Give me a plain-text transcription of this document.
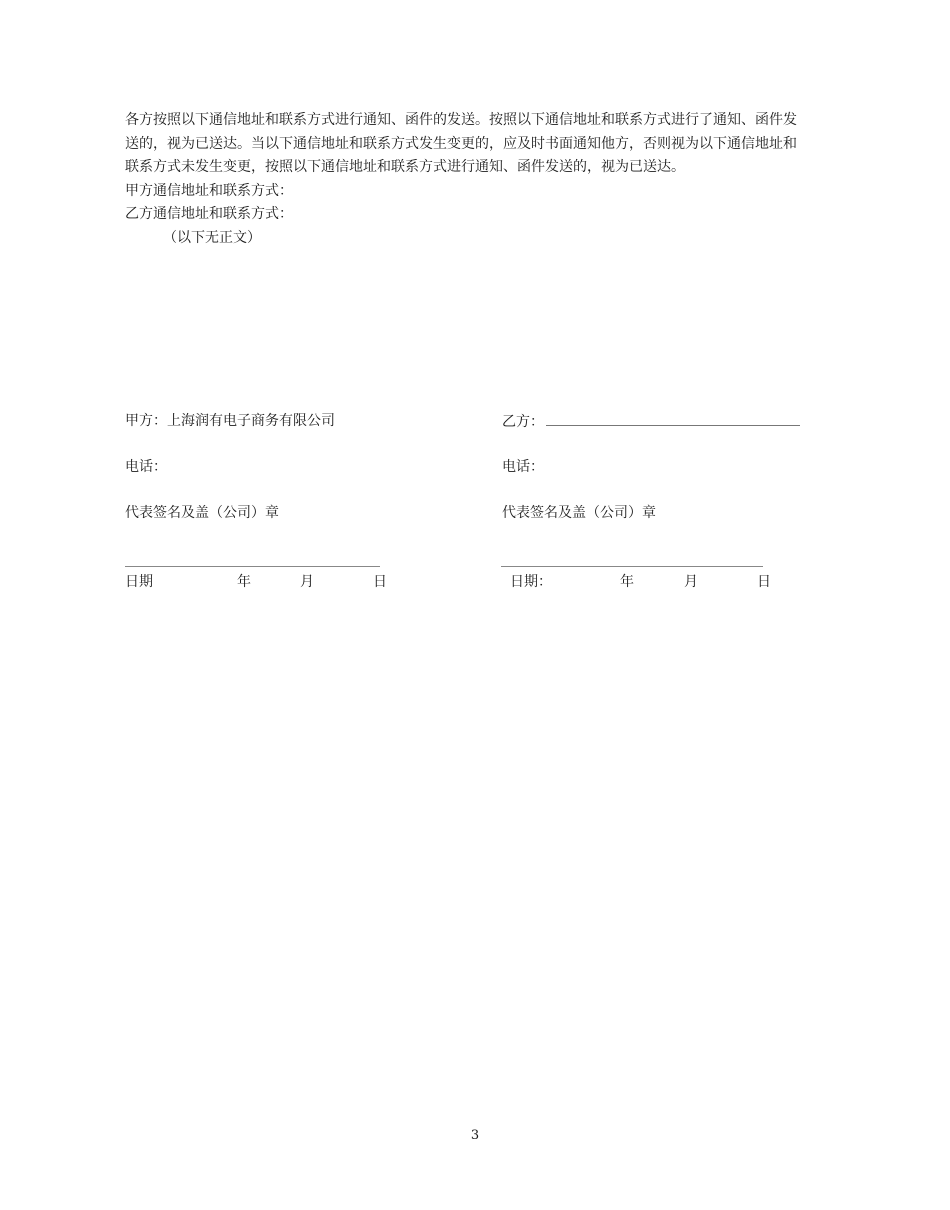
各方按照以下通信地址和联系方式进行通知、函件的发送。按照以下通信地址和联系方式进行了通知、函件发送的，视为已送达。当以下通信地址和联系方式发生变更的，应及时书面通知他方，否则视为以下通信地址和联系方式未发生变更，按照以下通信地址和联系方式进行通知、函件发送的，视为已送达。

甲方通信地址和联系方式：

乙方通信地址和联系方式：

（以下无正文）

甲方：上海润有电子商务有限公司
电话：
代表签名及盖（公司）章
日期	年	月	日
乙方：
电话：
代表签名及盖（公司）章
日期：	年	月	日
3
